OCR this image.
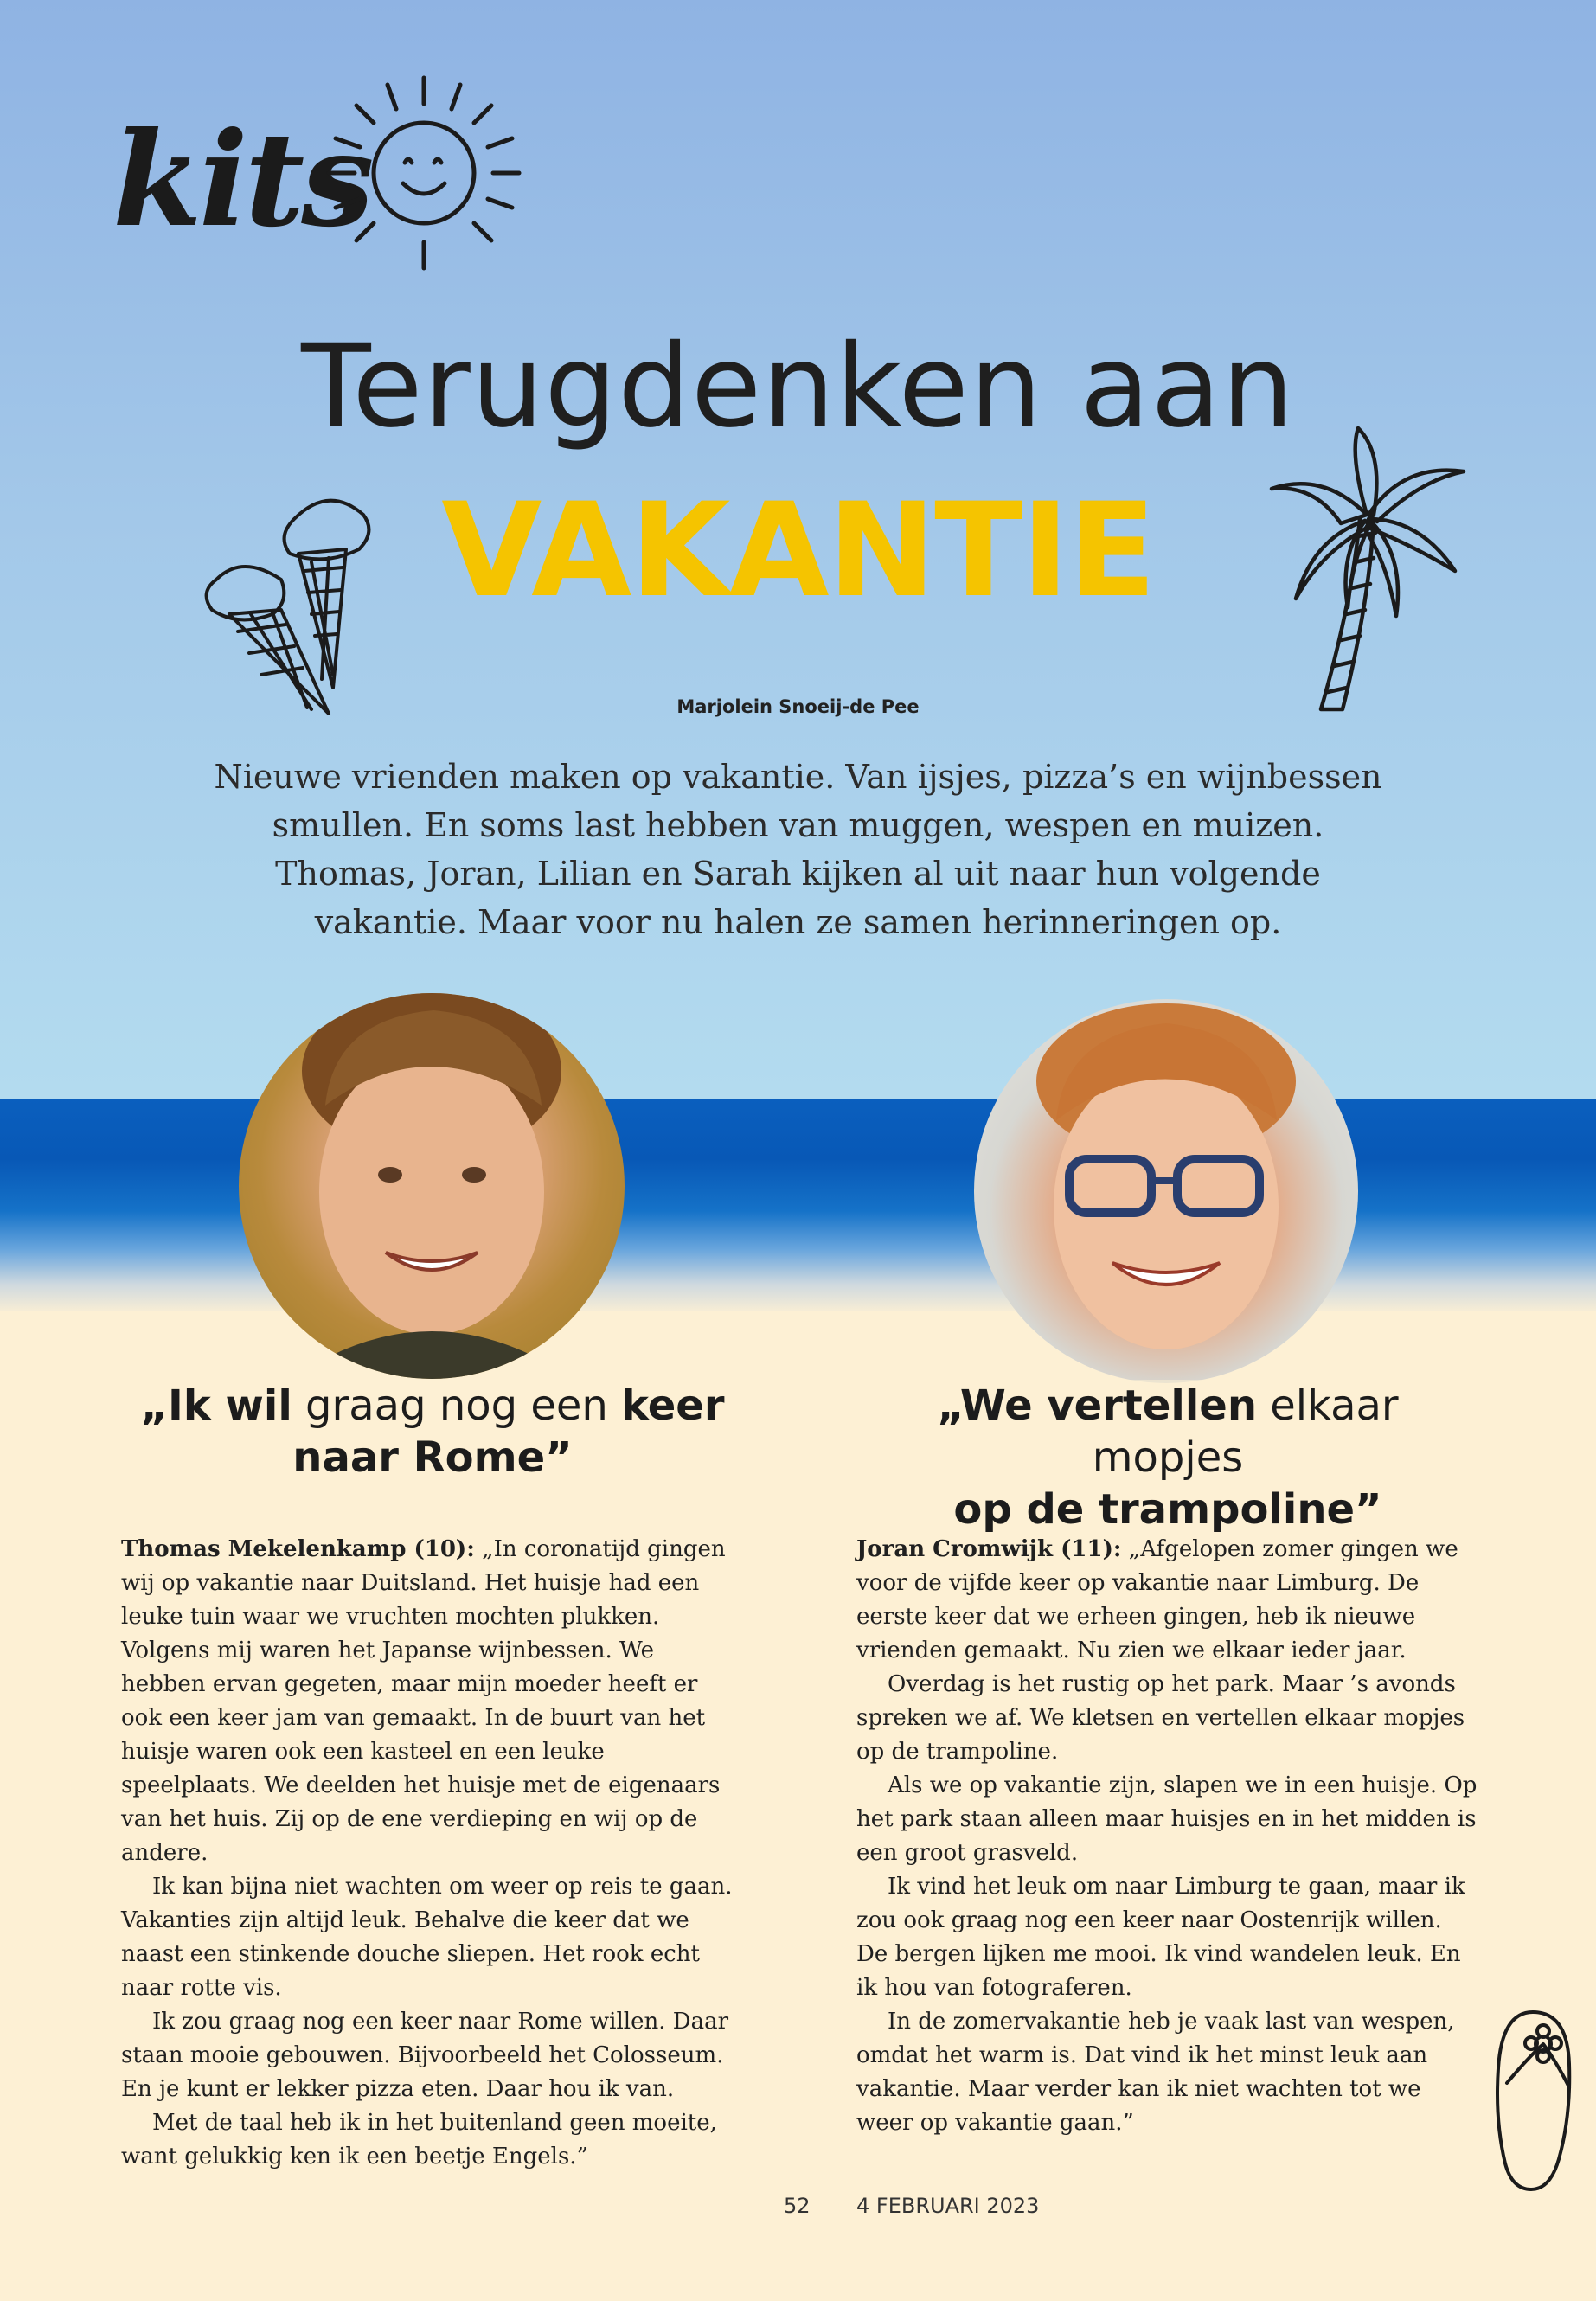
kits
Terugdenken aan
VAKANTIE
Marjolein Snoeij-de Pee
Nieuwe vrienden maken op vakantie. Van ijsjes, pizza’s en wijnbessen smullen. En soms last hebben van muggen, wespen en muizen. Thomas, Joran, Lilian en Sarah kijken al uit naar hun volgende vakantie. Maar voor nu halen ze samen herinneringen op.
„Ik wil graag nog een keer
naar Rome”
„We vertellen elkaar mopjes
op de trampoline”

Thomas Mekelenkamp (10): „In coronatijd gingen wij op vakantie naar Duitsland. Het huisje had een leuke tuin waar we vruchten mochten plukken. Volgens mij waren het Japanse wijnbessen. We hebben ervan gegeten, maar mijn moeder heeft er ook een keer jam van gemaakt. In de buurt van het huisje waren ook een kasteel en een leuke speelplaats. We deelden het huisje met de eigenaars van het huis. Zij op de ene verdieping en wij op de andere.

Ik kan bijna niet wachten om weer op reis te gaan. Vakanties zijn altijd leuk. Behalve die keer dat we naast een stinkende douche sliepen. Het rook echt naar rotte vis.

Ik zou graag nog een keer naar Rome willen. Daar staan mooie gebouwen. Bijvoorbeeld het Colosseum. En je kunt er lekker pizza eten. Daar hou ik van.

Met de taal heb ik in het buitenland geen moeite, want gelukkig ken ik een beetje Engels.”

Joran Cromwijk (11): „Afgelopen zomer gingen we voor de vijfde keer op vakantie naar Limburg. De eerste keer dat we erheen gingen, heb ik nieuwe vrienden gemaakt. Nu zien we elkaar ieder jaar.

Overdag is het rustig op het park. Maar ’s avonds spreken we af. We kletsen en vertellen elkaar mopjes op de trampoline.

Als we op vakantie zijn, slapen we in een huisje. Op het park staan alleen maar huisjes en in het midden is een groot grasveld.

Ik vind het leuk om naar Limburg te gaan, maar ik zou ook graag nog een keer naar Oostenrijk willen. De bergen lijken me mooi. Ik vind wandelen leuk. En ik hou van fotograferen.

In de zomervakantie heb je vaak last van wespen, omdat het warm is. Dat vind ik het minst leuk aan vakantie. Maar verder kan ik niet wachten tot we weer op vakantie gaan.”

52 4 FEBRUARI 2023
